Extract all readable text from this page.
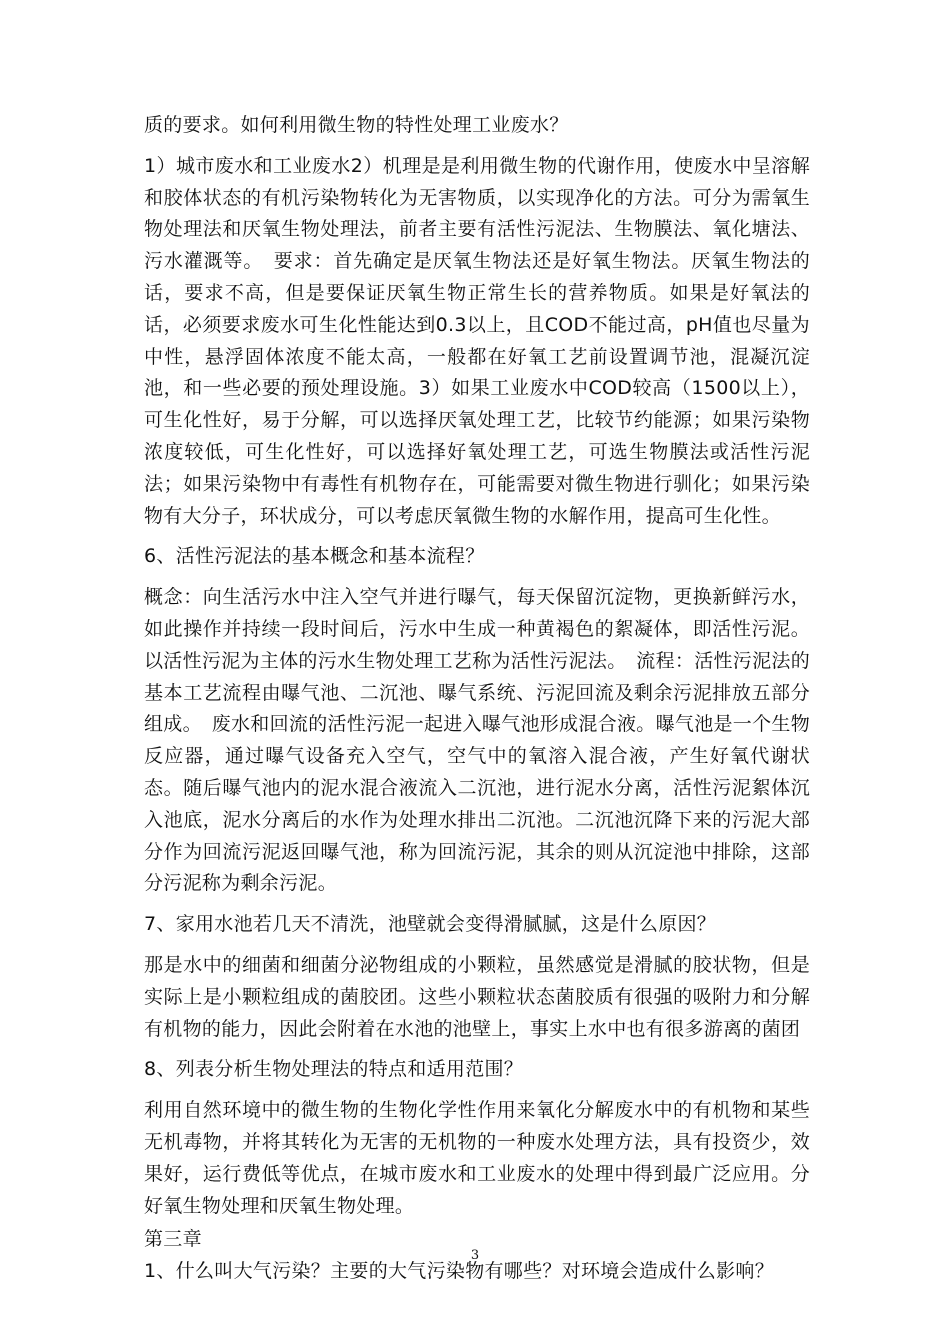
质的要求。如何利用微生物的特性处理工业废水？

1）城市废水和工业废水2）机理是是利用微生物的代谢作用，使废水中呈溶解和胶体状态的有机污染物转化为无害物质，以实现净化的方法。可分为需氧生物处理法和厌氧生物处理法，前者主要有活性污泥法、生物膜法、氧化塘法、污水灌溉等。　要求：首先确定是厌氧生物法还是好氧生物法。厌氧生物法的话，要求不高，但是要保证厌氧生物正常生长的营养物质。如果是好氧法的话，必须要求废水可生化性能达到0.3以上，且COD不能过高，pH值也尽量为中性，悬浮固体浓度不能太高，一般都在好氧工艺前设置调节池，混凝沉淀池，和一些必要的预处理设施。3）如果工业废水中COD较高（1500以上），可生化性好，易于分解，可以选择厌氧处理工艺，比较节约能源；如果污染物浓度较低，可生化性好，可以选择好氧处理工艺，可选生物膜法或活性污泥法；如果污染物中有毒性有机物存在，可能需要对微生物进行驯化；如果污染物有大分子，环状成分，可以考虑厌氧微生物的水解作用，提高可生化性。

6、活性污泥法的基本概念和基本流程？

概念：向生活污水中注入空气并进行曝气，每天保留沉淀物，更换新鲜污水，如此操作并持续一段时间后，污水中生成一种黄褐色的絮凝体，即活性污泥。以活性污泥为主体的污水生物处理工艺称为活性污泥法。　流程：活性污泥法的基本工艺流程由曝气池、二沉池、曝气系统、污泥回流及剩余污泥排放五部分组成。　废水和回流的活性污泥一起进入曝气池形成混合液。曝气池是一个生物反应器，通过曝气设备充入空气，空气中的氧溶入混合液，产生好氧代谢状态。随后曝气池内的泥水混合液流入二沉池，进行泥水分离，活性污泥絮体沉入池底，泥水分离后的水作为处理水排出二沉池。二沉池沉降下来的污泥大部分作为回流污泥返回曝气池，称为回流污泥，其余的则从沉淀池中排除，这部分污泥称为剩余污泥。

7、家用水池若几天不清洗，池壁就会变得滑腻腻，这是什么原因？

那是水中的细菌和细菌分泌物组成的小颗粒，虽然感觉是滑腻的胶状物，但是实际上是小颗粒组成的菌胶团。这些小颗粒状态菌胶质有很强的吸附力和分解有机物的能力，因此会附着在水池的池壁上，事实上水中也有很多游离的菌团

8、列表分析生物处理法的特点和适用范围？

利用自然环境中的微生物的生物化学性作用来氧化分解废水中的有机物和某些无机毒物，并将其转化为无害的无机物的一种废水处理方法，具有投资少，效果好，运行费低等优点，在城市废水和工业废水的处理中得到最广泛应用。分好氧生物处理和厌氧生物处理。

第三章

1、什么叫大气污染？主要的大气污染物有哪些？对环境会造成什么影响？

3
